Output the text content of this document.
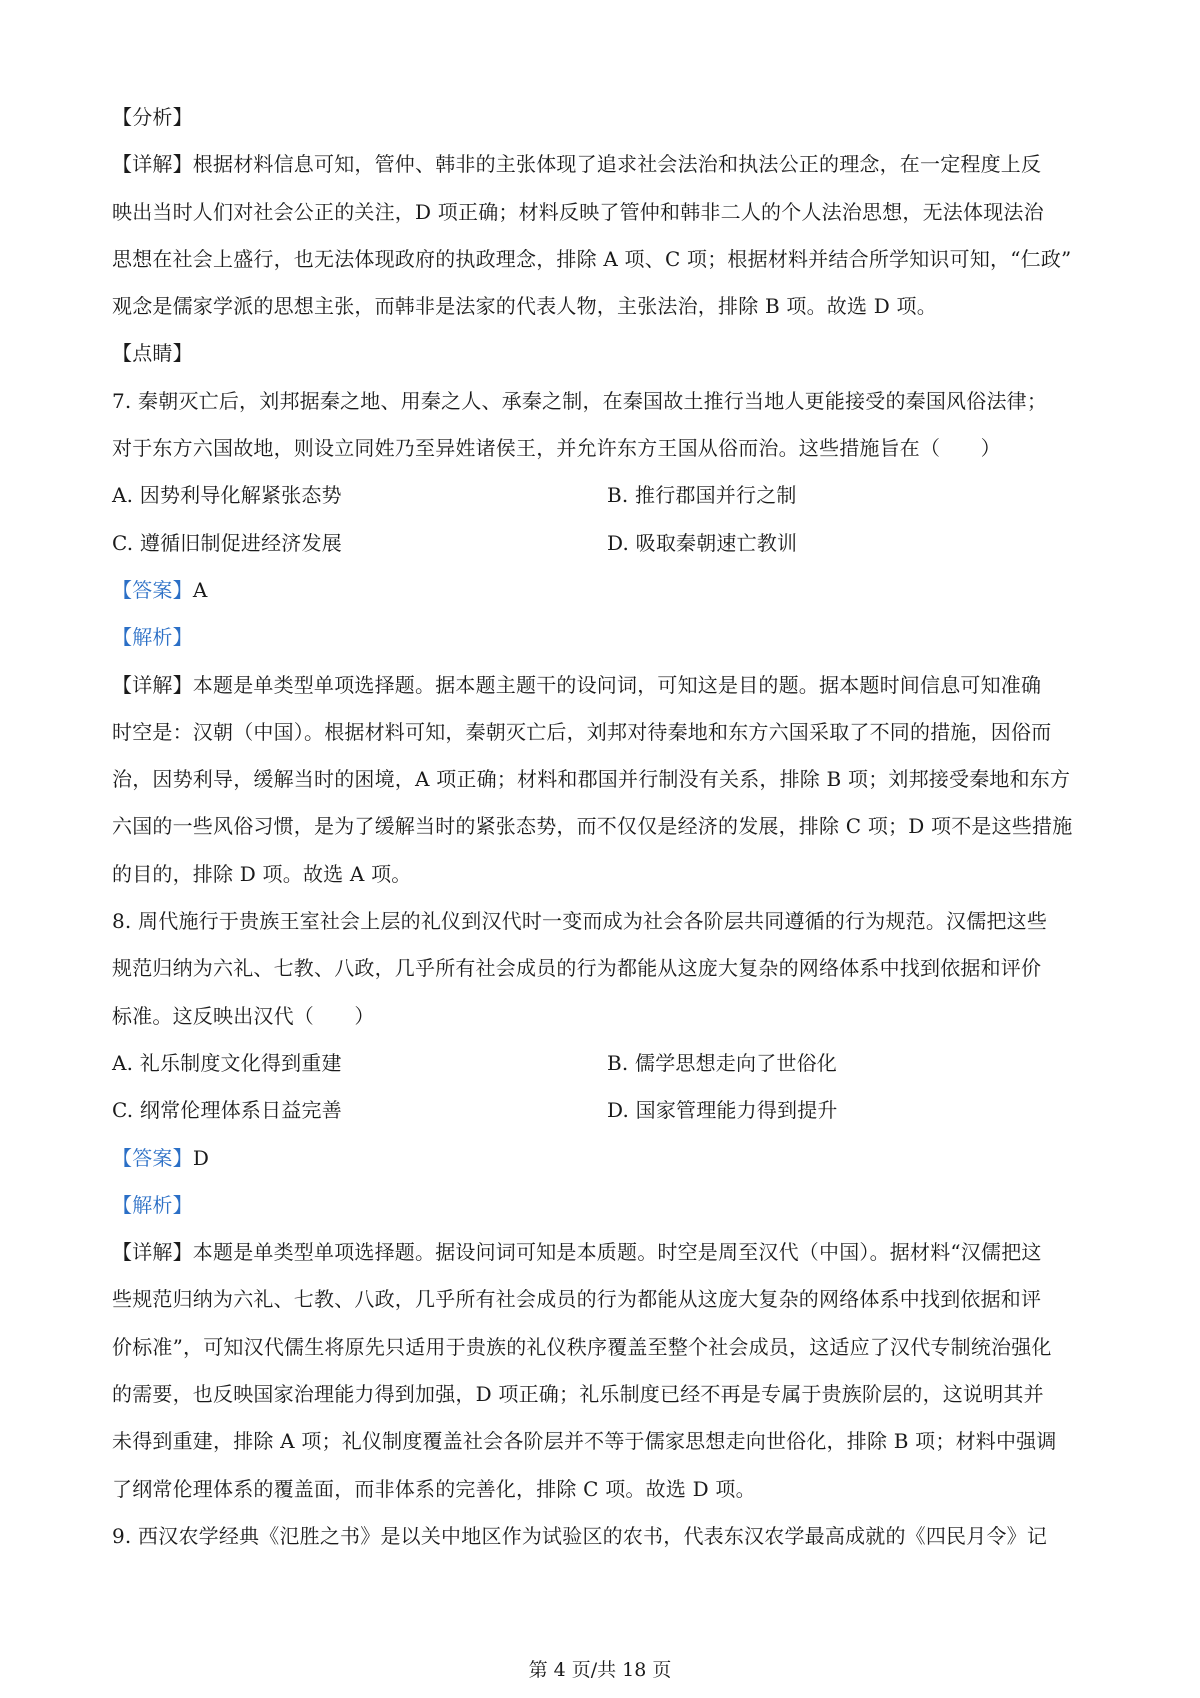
【分析】
【详解】根据材料信息可知，管仲、韩非的主张体现了追求社会法治和执法公正的理念，在一定程度上反
映出当时人们对社会公正的关注，D 项正确；材料反映了管仲和韩非二人的个人法治思想，无法体现法治
思想在社会上盛行，也无法体现政府的执政理念，排除 A 项、C 项；根据材料并结合所学知识可知，“仁政”
观念是儒家学派的思想主张，而韩非是法家的代表人物，主张法治，排除 B 项。故选 D 项。
【点睛】
7. 秦朝灭亡后，刘邦据秦之地、用秦之人、承秦之制，在秦国故土推行当地人更能接受的秦国风俗法律；
对于东方六国故地，则设立同姓乃至异姓诸侯王，并允许东方王国从俗而治。这些措施旨在（　　）
A. 因势利导化解紧张态势	B. 推行郡国并行之制
C. 遵循旧制促进经济发展	D. 吸取秦朝速亡教训
【答案】A
【解析】
【详解】本题是单类型单项选择题。据本题主题干的设问词，可知这是目的题。据本题时间信息可知准确
时空是：汉朝（中国）。根据材料可知，秦朝灭亡后，刘邦对待秦地和东方六国采取了不同的措施，因俗而
治，因势利导，缓解当时的困境，A 项正确；材料和郡国并行制没有关系，排除 B 项；刘邦接受秦地和东方
六国的一些风俗习惯，是为了缓解当时的紧张态势，而不仅仅是经济的发展，排除 C 项；D 项不是这些措施
的目的，排除 D 项。故选 A 项。
8. 周代施行于贵族王室社会上层的礼仪到汉代时一变而成为社会各阶层共同遵循的行为规范。汉儒把这些
规范归纳为六礼、七教、八政，几乎所有社会成员的行为都能从这庞大复杂的网络体系中找到依据和评价
标准。这反映出汉代（　　）
A. 礼乐制度文化得到重建	B. 儒学思想走向了世俗化
C. 纲常伦理体系日益完善	D. 国家管理能力得到提升
【答案】D
【解析】
【详解】本题是单类型单项选择题。据设问词可知是本质题。时空是周至汉代（中国）。据材料“汉儒把这
些规范归纳为六礼、七教、八政，几乎所有社会成员的行为都能从这庞大复杂的网络体系中找到依据和评
价标准”，可知汉代儒生将原先只适用于贵族的礼仪秩序覆盖至整个社会成员，这适应了汉代专制统治强化
的需要，也反映国家治理能力得到加强，D 项正确；礼乐制度已经不再是专属于贵族阶层的，这说明其并
未得到重建，排除 A 项；礼仪制度覆盖社会各阶层并不等于儒家思想走向世俗化，排除 B 项；材料中强调
了纲常伦理体系的覆盖面，而非体系的完善化，排除 C 项。故选 D 项。
9. 西汉农学经典《氾胜之书》是以关中地区作为试验区的农书，代表东汉农学最高成就的《四民月令》记
第 4 页/共 18 页
